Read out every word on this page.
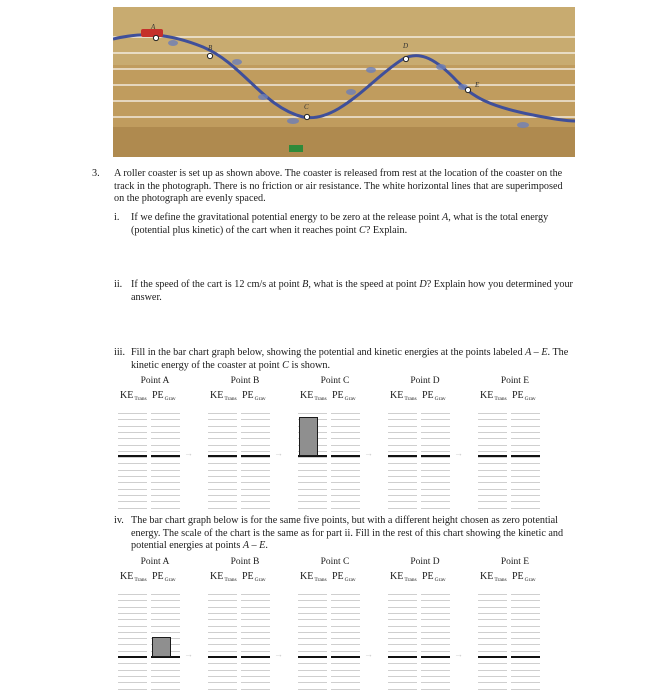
A
B
C
D
E
3. A roller coaster is set up as shown above. The coaster is released from rest at the location of the coaster on the track in the photograph. There is no friction or air resistance. The white horizontal lines that are superimposed on the photograph are evenly spaced.
i. If we define the gravitational potential energy to be zero at the release point A, what is the total energy (potential plus kinetic) of the cart when it reaches point C? Explain.
ii. If the speed of the cart is 12 cm/s at point B, what is the speed at point D? Explain how you determined your answer.
iii. Fill in the bar chart graph below, showing the potential and kinetic energies at the points labeled A – E. The kinetic energy of the coaster at point C is shown.
iv. The bar chart graph below is for the same five points, but with a different height chosen as zero potential energy. The scale of the chart is the same as for part ii. Fill in the rest of this chart showing the kinetic and potential energies at points A – E.
Point A
$KE_{Trans}$ $PE_{Grav}$
→
Point B
$KE_{Trans}$ $PE_{Grav}$
→
Point C
$KE_{Trans}$ $PE_{Grav}$
→
Point D
$KE_{Trans}$ $PE_{Grav}$
→
Point E
$KE_{Trans}$ $PE_{Grav}$
Point A
$KE_{Trans}$ $PE_{Grav}$
→
Point B
$KE_{Trans}$ $PE_{Grav}$
→
Point C
$KE_{Trans}$ $PE_{Grav}$
→
Point D
$KE_{Trans}$ $PE_{Grav}$
→
Point E
$KE_{Trans}$ $PE_{Grav}$
